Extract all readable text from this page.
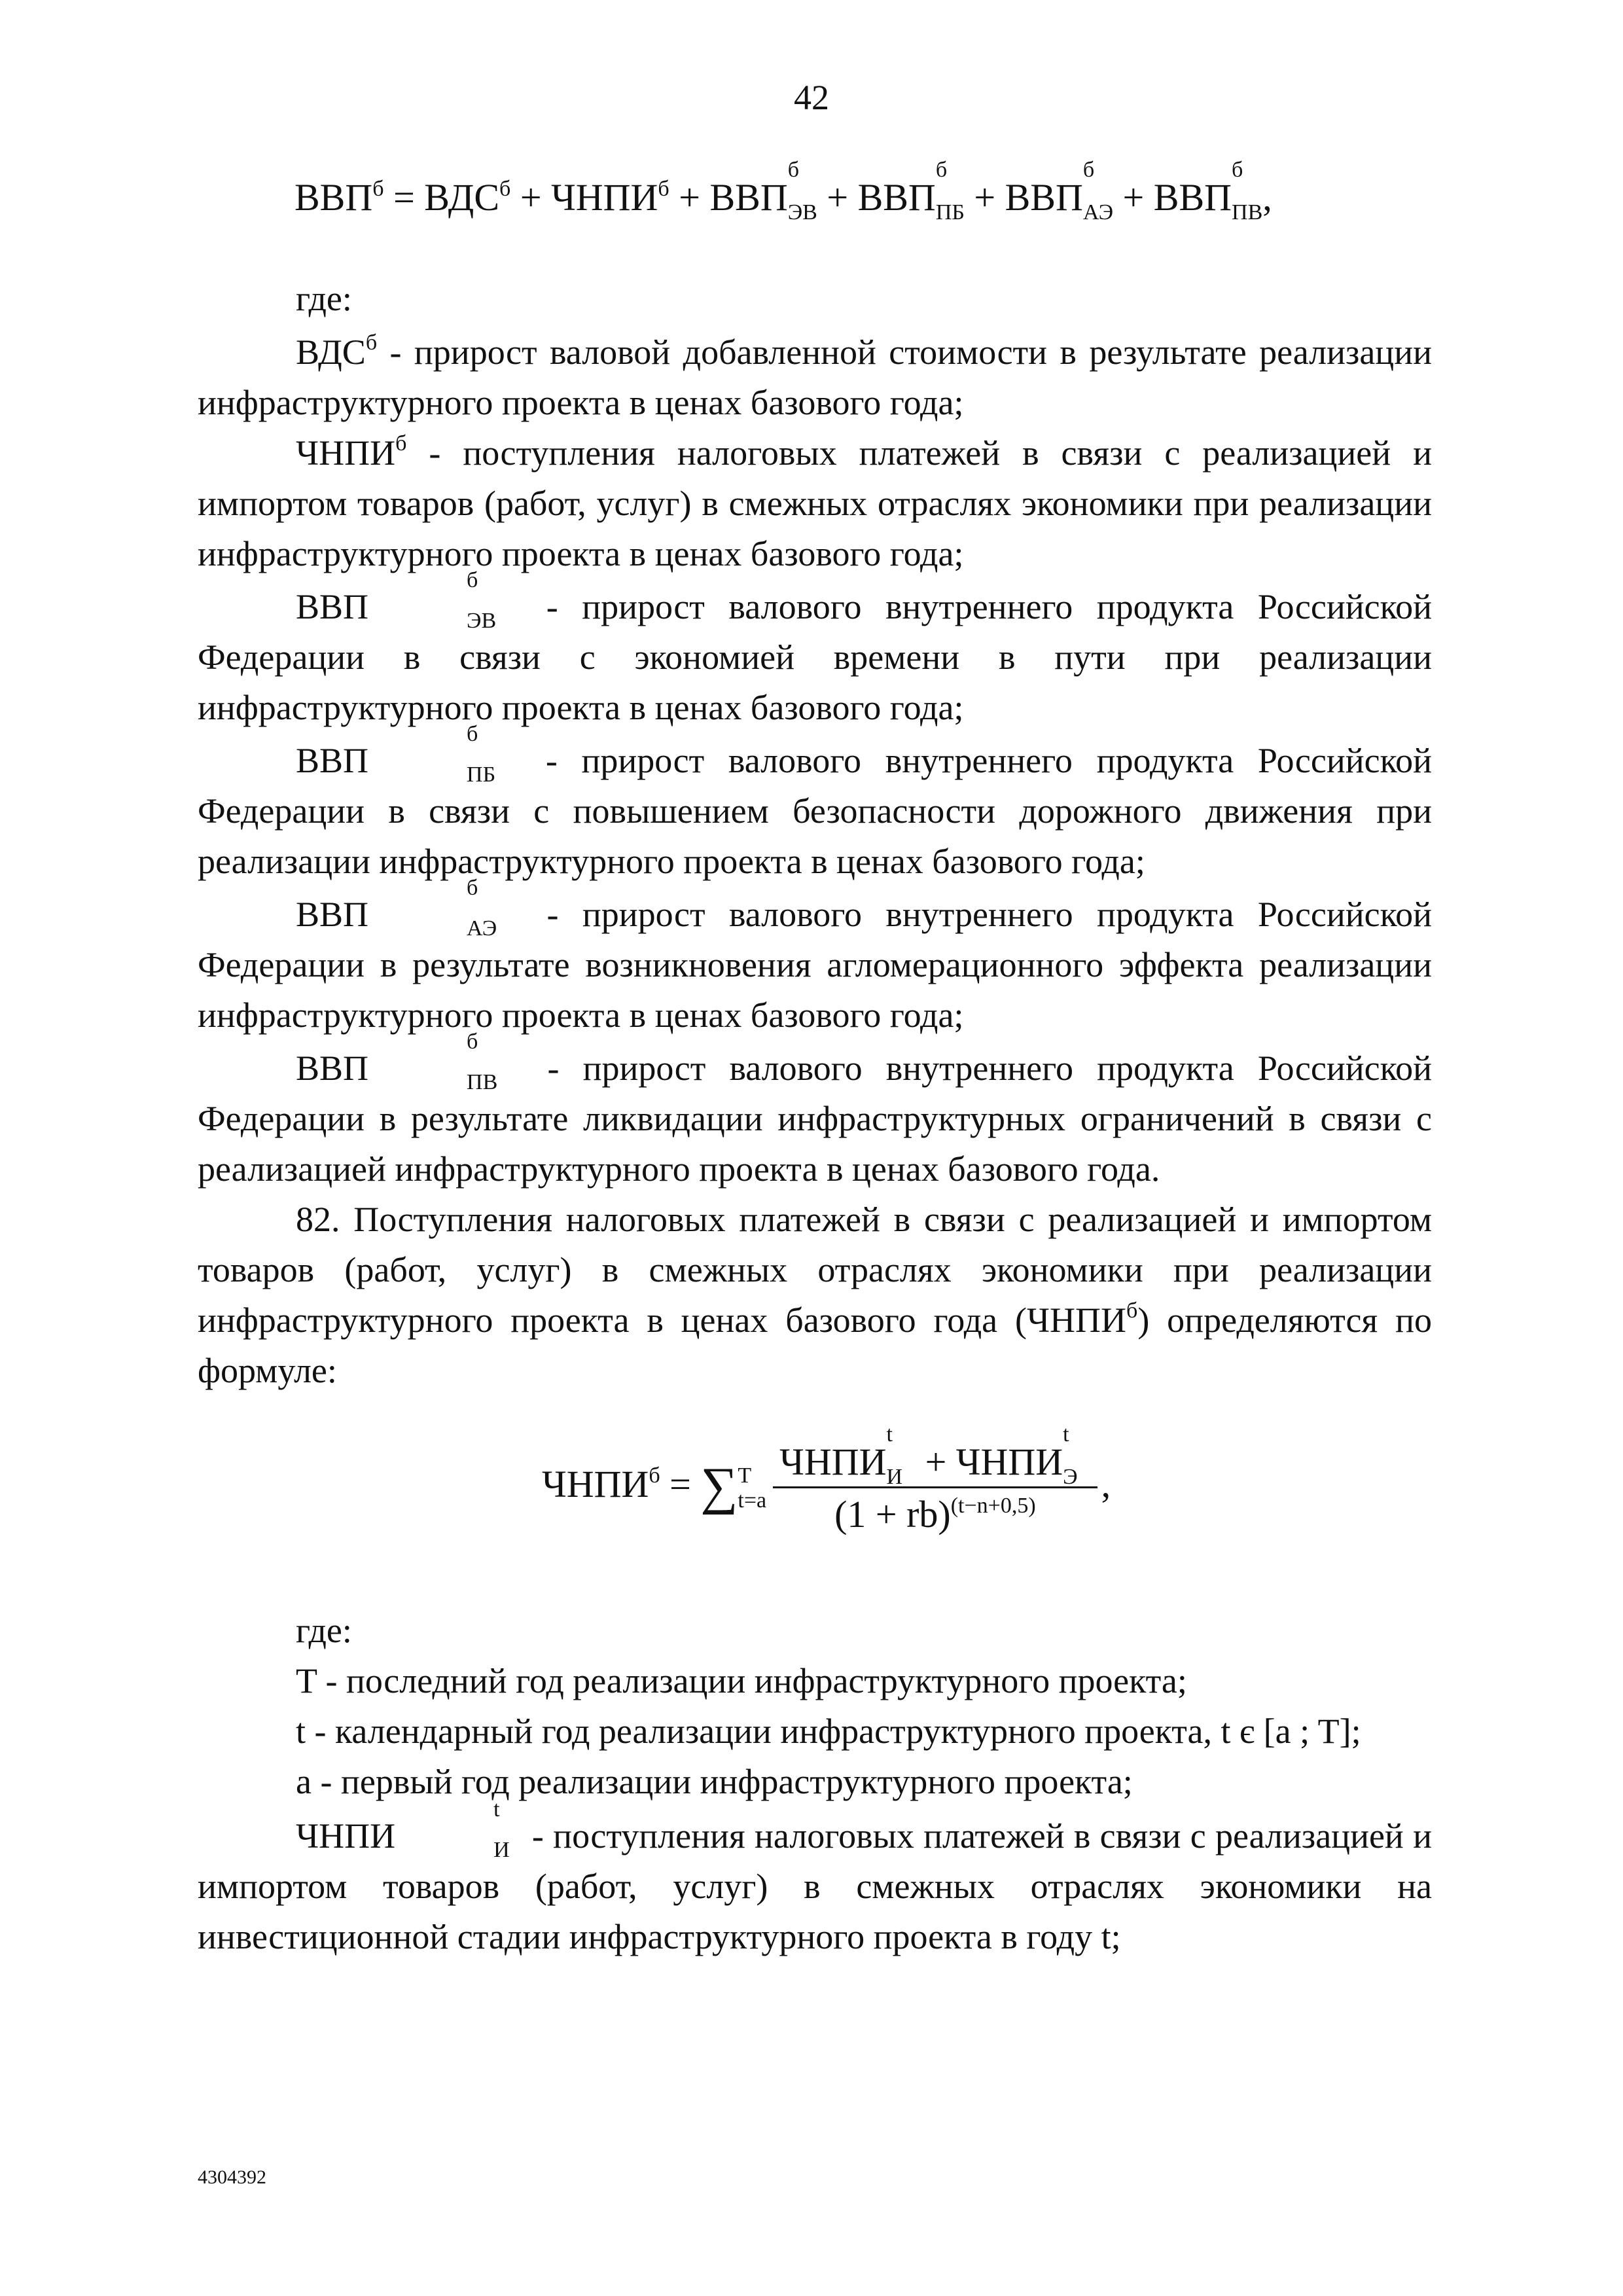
42
$ВВП^б = ВДС^б$ + $ЧНПИ^б$ + ВВП
б
$_{ЭВ}$ + ВВП
б
$_{ПБ}$ + ВВП
б
$_{АЭ}$ + ВВП
б
$_{ПВ}$,
где:

$ВДС^б$ - прирост валовой добавленной стоимости в результате реализации инфраструктурного проекта в ценах базового года;

$ЧНПИ^б$ - поступления налоговых платежей в связи с реализацией и импортом товаров (работ, услуг) в смежных отраслях экономики при реализации инфраструктурного проекта в ценах базового года;

ВВП
б
$_{ЭВ}$ - прирост валового внутреннего продукта Российской Федерации в связи с экономией времени в пути при реализации инфраструктурного проекта в ценах базового года;

ВВП
б
$_{ПБ}$ - прирост валового внутреннего продукта Российской Федерации в связи с повышением безопасности дорожного движения при реализации инфраструктурного проекта в ценах базового года;

ВВП
б
$_{АЭ}$ - прирост валового внутреннего продукта Российской Федерации в результате возникновения агломерационного эффекта реализации инфраструктурного проекта в ценах базового года;

ВВП
б
$_{ПВ}$ - прирост валового внутреннего продукта Российской Федерации в результате ликвидации инфраструктурных ограничений в связи с реализацией инфраструктурного проекта в ценах базового года.

82. Поступления налоговых платежей в связи с реализацией и импортом товаров (работ, услуг) в смежных отраслях экономики при реализации инфраструктурного проекта в ценах базового года $(ЧНПИ^б)$ определяются по формуле:

$ЧНПИ^б = \sum T$
t=a ЧНПИ
t
$_И$ + ЧНПИ
t
$_Э$
(1 + rb)$^{(t-n+0,5)}$ ,
где:

T - последний год реализации инфраструктурного проекта;

t - календарный год реализации инфраструктурного проекта, t є [a ; T];

a - первый год реализации инфраструктурного проекта;

ЧНПИ
t
$_И$ - поступления налоговых платежей в связи с реализацией и импортом товаров (работ, услуг) в смежных отраслях экономики на инвестиционной стадии инфраструктурного проекта в году t;

4304392
